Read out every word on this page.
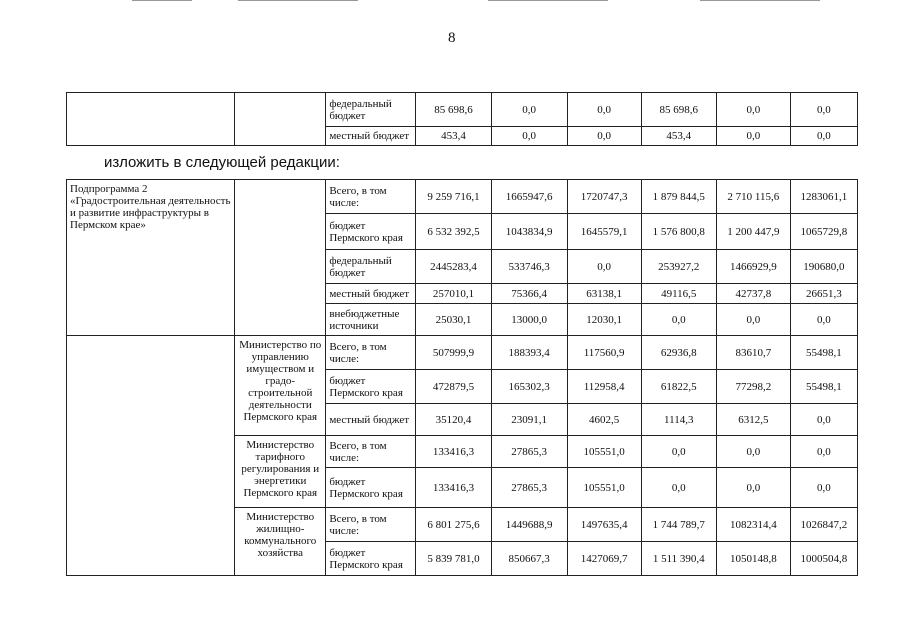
8
		федеральный бюджет	85 698,6	0,0	0,0	85 698,6	0,0	0,0
		местный бюджет	453,4	0,0	0,0	453,4	0,0	0,0
изложить в следующей редакции:
Подпрограмма 2 «Градостроительная деятельность и развитие инфраструктуры в Пермском крае»		Всего, в том числе:	9 259 716,1	1665947,6	1720747,3	1 879 844,5	2 710 115,6	1283061,1
		бюджет Пермского края	6 532 392,5	1043834,9	1645579,1	1 576 800,8	1 200 447,9	1065729,8
		федеральный бюджет	2445283,4	533746,3	0,0	253927,2	1466929,9	190680,0
		местный бюджет	257010,1	75366,4	63138,1	49116,5	42737,8	26651,3
		внебюджетные источники	25030,1	13000,0	12030,1	0,0	0,0	0,0
	Министерство по управлению имуществом и градо-строительной деятельности Пермского края	Всего, в том числе:	507999,9	188393,4	117560,9	62936,8	83610,7	55498,1
		бюджет Пермского края	472879,5	165302,3	112958,4	61822,5	77298,2	55498,1
		местный бюджет	35120,4	23091,1	4602,5	1114,3	6312,5	0,0
	Министерство тарифного регулирования и энергетики Пермского края	Всего, в том числе:	133416,3	27865,3	105551,0	0,0	0,0	0,0
		бюджет Пермского края	133416,3	27865,3	105551,0	0,0	0,0	0,0
	Министерство жилищно-коммунального хозяйства	Всего, в том числе:	6 801 275,6	1449688,9	1497635,4	1 744 789,7	1082314,4	1026847,2
		бюджет Пермского края	5 839 781,0	850667,3	1427069,7	1 511 390,4	1050148,8	1000504,8
